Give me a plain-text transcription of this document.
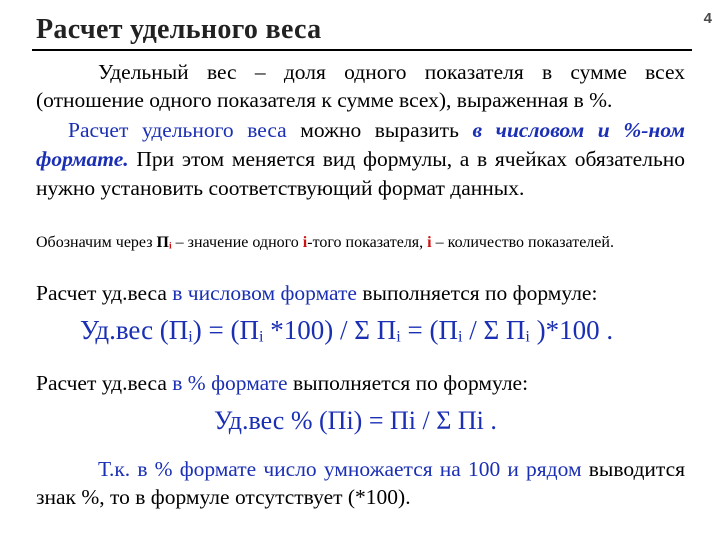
4
Расчет удельного веса
Удельный вес – доля одного показателя в сумме всех (отношение одного показателя к сумме всех), выраженная в %.
Расчет удельного веса можно выразить в числовом и %-ном формате. При этом меняется вид формулы, а в ячейках обязательно нужно установить соответствующий формат данных.
Обозначим через $П_i$ – значение одного i-того показателя, i – количество показателей.
Расчет уд.веса в числовом формате выполняется по формуле:
Уд.вес $(П_i) = (П_i$ *100) / Σ $П_i = (П_i / \Sigma$ $П_i$ )*100 .
Расчет уд.веса в % формате выполняется по формуле:
Уд.вес % (Пi) = Пi / Σ Пi .
Т.к. в % формате число умножается на 100 и рядом выводится знак %, то в формуле отсутствует (*100).
